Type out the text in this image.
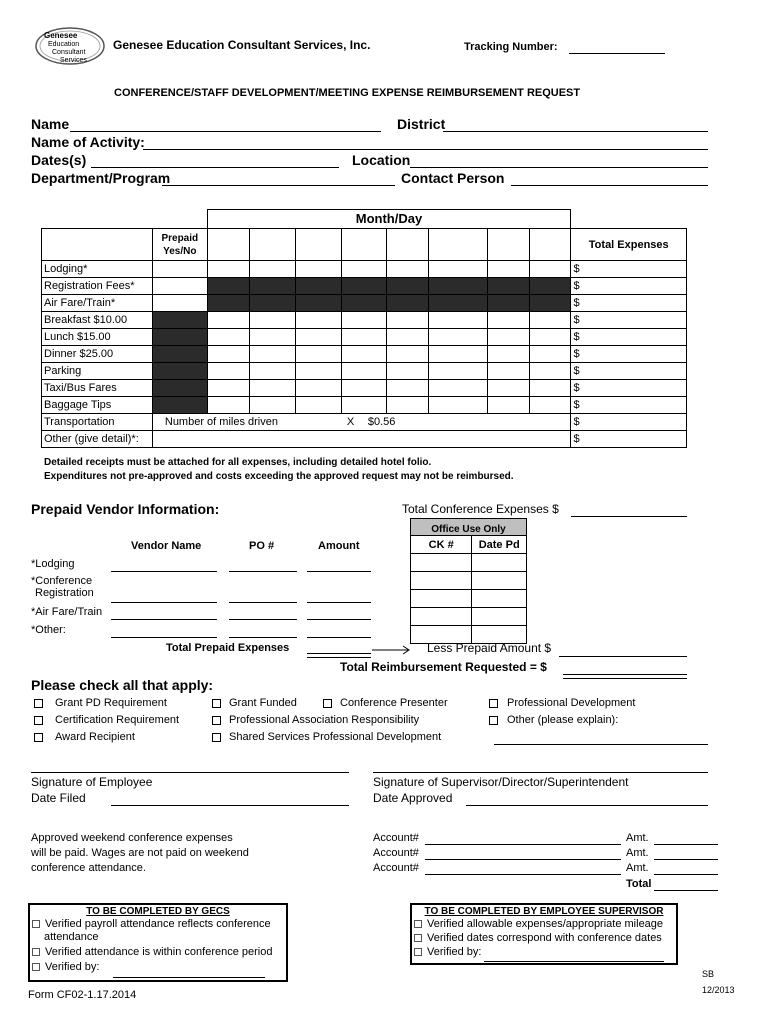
Genesee
Education
Consultant
Services
Genesee Education Consultant Services, Inc.	Tracking Number:
CONFERENCE/STAFF DEVELOPMENT/MEETING EXPENSE REIMBURSEMENT REQUEST
Name	District
Name of Activity:
Dates(s)	Location
Department/Program	Contact Person
Month/Day
	Prepaid Yes/No									Total Expenses
Lodging*										$
Registration Fees*										$
Air Fare/Train*										$
Breakfast $10.00										$
Lunch $15.00										$
Dinner $25.00										$
Parking										$
Taxi/Bus Fares										$
Baggage Tips										$
Transportation	Number of miles driven X $0.56									$
Other (give detail)*:										$
Detailed receipts must be attached for all expenses, including detailed hotel folio.
Expenditures not pre-approved and costs exceeding the approved request may not be reimbursed.
Prepaid Vendor Information:	Total Conference Expenses $
Office Use Only
CK #	Date Pd

Vendor Name	PO #	Amount
*Lodging
*Conference
Registration
*Air Fare/Train
*Other:
Total Prepaid Expenses	Less Prepaid Amount $
Total Reimbursement Requested = $
Please check all that apply:
Grant PD Requirement
Certification Requirement
Award Recipient
Grant Funded	Conference Presenter
Professional Association Responsibility
Shared Services Professional Development
Professional Development
Other (please explain):
Signature of Employee
Date Filed
Signature of Supervisor/Director/Superintendent
Date Approved
Approved weekend conference expenses
will be paid. Wages are not paid on weekend
conference attendance.
Account#	Amt.
Account#	Amt.
Account#	Amt.
Total
TO BE COMPLETED BY GECS
Verified payroll attendance reflects conference
attendance
Verified attendance is within conference period
Verified by:
TO BE COMPLETED BY EMPLOYEE SUPERVISOR
Verified allowable expenses/appropriate mileage
Verified dates correspond with conference dates
Verified by:
Form CF02-1.17.2014
SB
12/2013
